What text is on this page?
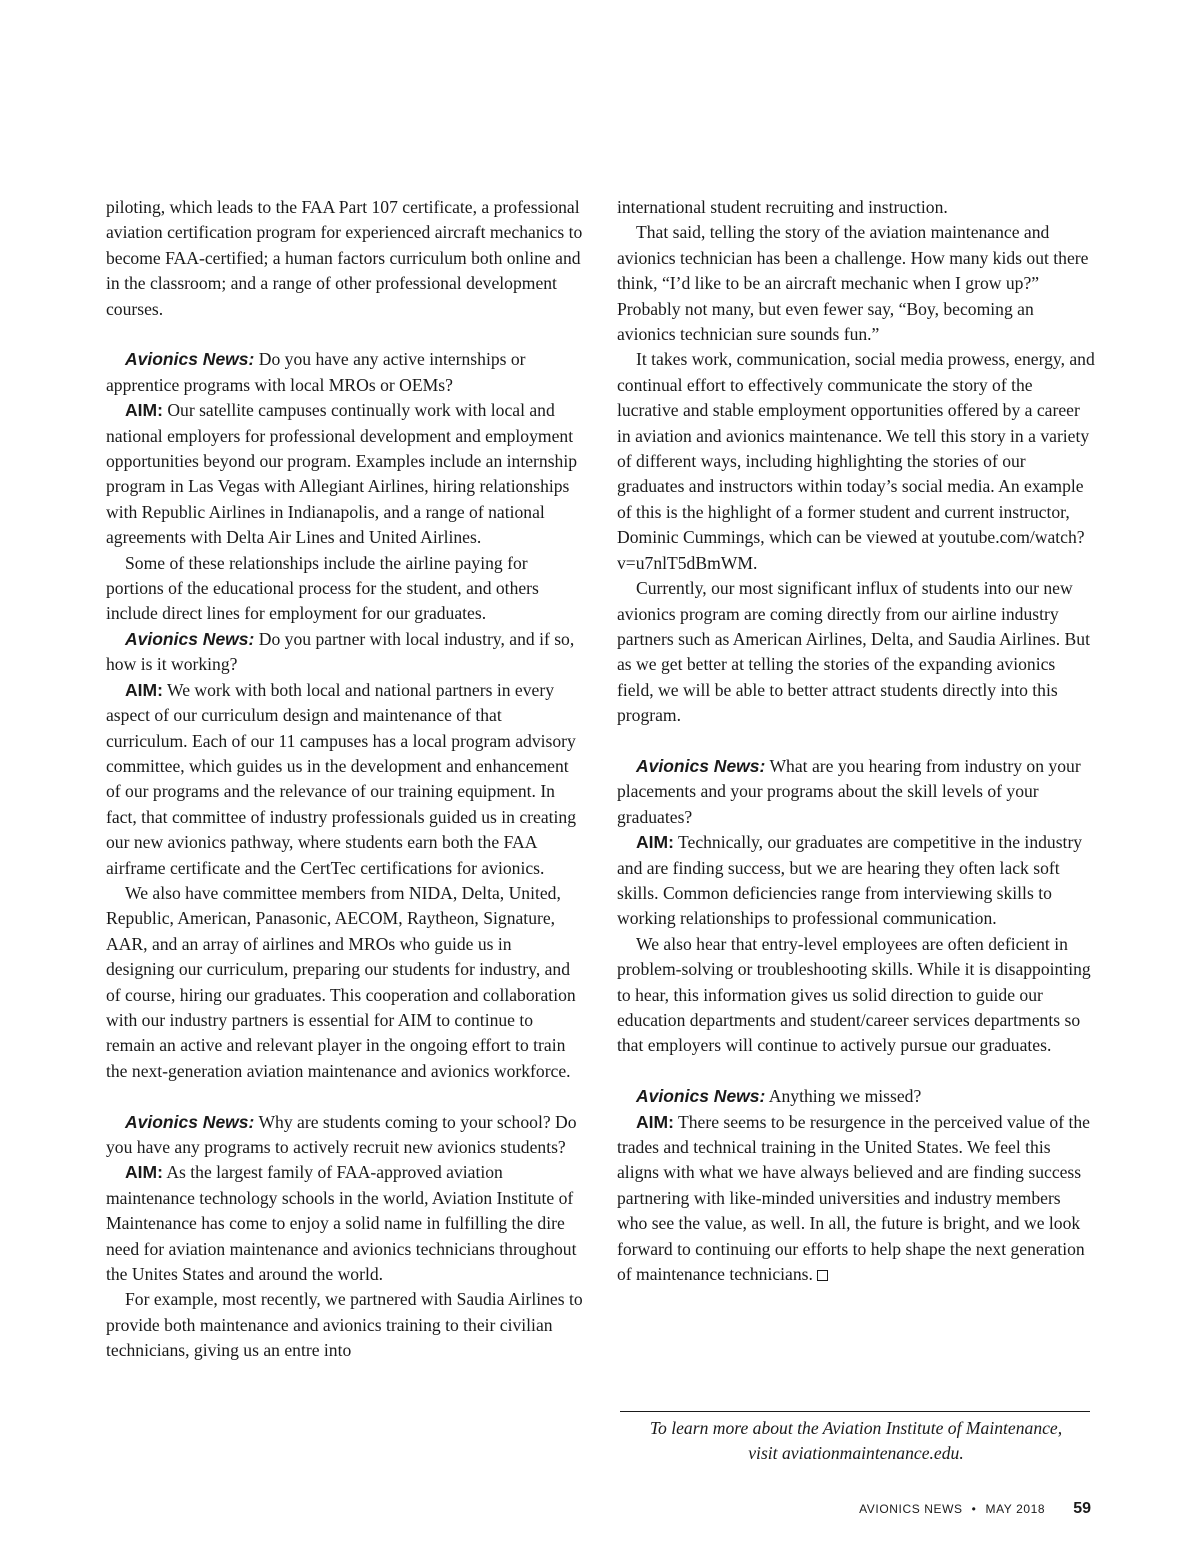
piloting, which leads to the FAA Part 107 certificate, a professional aviation certification program for experienced aircraft mechanics to become FAA-certified; a human factors curriculum both online and in the classroom; and a range of other professional development courses.

Avionics News: Do you have any active internships or apprentice programs with local MROs or OEMs?

AIM: Our satellite campuses continually work with local and national employers for professional development and employment opportunities beyond our program. Examples include an internship program in Las Vegas with Allegiant Airlines, hiring relationships with Republic Airlines in Indianapolis, and a range of national agreements with Delta Air Lines and United Airlines.

Some of these relationships include the airline paying for portions of the educational process for the student, and others include direct lines for employment for our graduates.

Avionics News: Do you partner with local industry, and if so, how is it working?

AIM: We work with both local and national partners in every aspect of our curriculum design and maintenance of that curriculum. Each of our 11 campuses has a local program advisory committee, which guides us in the development and enhancement of our programs and the relevance of our training equipment. In fact, that committee of industry professionals guided us in creating our new avionics pathway, where students earn both the FAA airframe certificate and the CertTec certifications for avionics.

We also have committee members from NIDA, Delta, United, Republic, American, Panasonic, AECOM, Raytheon, Signature, AAR, and an array of airlines and MROs who guide us in designing our curriculum, preparing our students for industry, and of course, hiring our graduates. This cooperation and collaboration with our industry partners is essential for AIM to continue to remain an active and relevant player in the ongoing effort to train the next-generation aviation maintenance and avionics workforce.

Avionics News: Why are students coming to your school? Do you have any programs to actively recruit new avionics students?

AIM: As the largest family of FAA-approved aviation maintenance technology schools in the world, Aviation Institute of Maintenance has come to enjoy a solid name in fulfilling the dire need for aviation maintenance and avionics technicians throughout the Unites States and around the world.

For example, most recently, we partnered with Saudia Airlines to provide both maintenance and avionics training to their civilian technicians, giving us an entre into

international student recruiting and instruction.

That said, telling the story of the aviation maintenance and avionics technician has been a challenge. How many kids out there think, “I’d like to be an aircraft mechanic when I grow up?” Probably not many, but even fewer say, “Boy, becoming an avionics technician sure sounds fun.”

It takes work, communication, social media prowess, energy, and continual effort to effectively communicate the story of the lucrative and stable employment opportunities offered by a career in aviation and avionics maintenance. We tell this story in a variety of different ways, including highlighting the stories of our graduates and instructors within today’s social media. An example of this is the highlight of a former student and current instructor, Dominic Cummings, which can be viewed at youtube.com/watch?v=u7nlT5dBmWM.

Currently, our most significant influx of students into our new avionics program are coming directly from our airline industry partners such as American Airlines, Delta, and Saudia Airlines. But as we get better at telling the stories of the expanding avionics field, we will be able to better attract students directly into this program.

Avionics News: What are you hearing from industry on your placements and your programs about the skill levels of your graduates?

AIM: Technically, our graduates are competitive in the industry and are finding success, but we are hearing they often lack soft skills. Common deficiencies range from interviewing skills to working relationships to professional communication.

We also hear that entry-level employees are often deficient in problem-solving or troubleshooting skills. While it is disappointing to hear, this information gives us solid direction to guide our education departments and student/career services departments so that employers will continue to actively pursue our graduates.

Avionics News: Anything we missed?

AIM: There seems to be resurgence in the perceived value of the trades and technical training in the United States. We feel this aligns with what we have always believed and are finding success partnering with like-minded universities and industry members who see the value, as well. In all, the future is bright, and we look forward to continuing our efforts to help shape the next generation of maintenance technicians.

To learn more about the Aviation Institute of Maintenance,
visit aviationmaintenance.edu.
AVIONICS NEWS • MAY 2018 59
